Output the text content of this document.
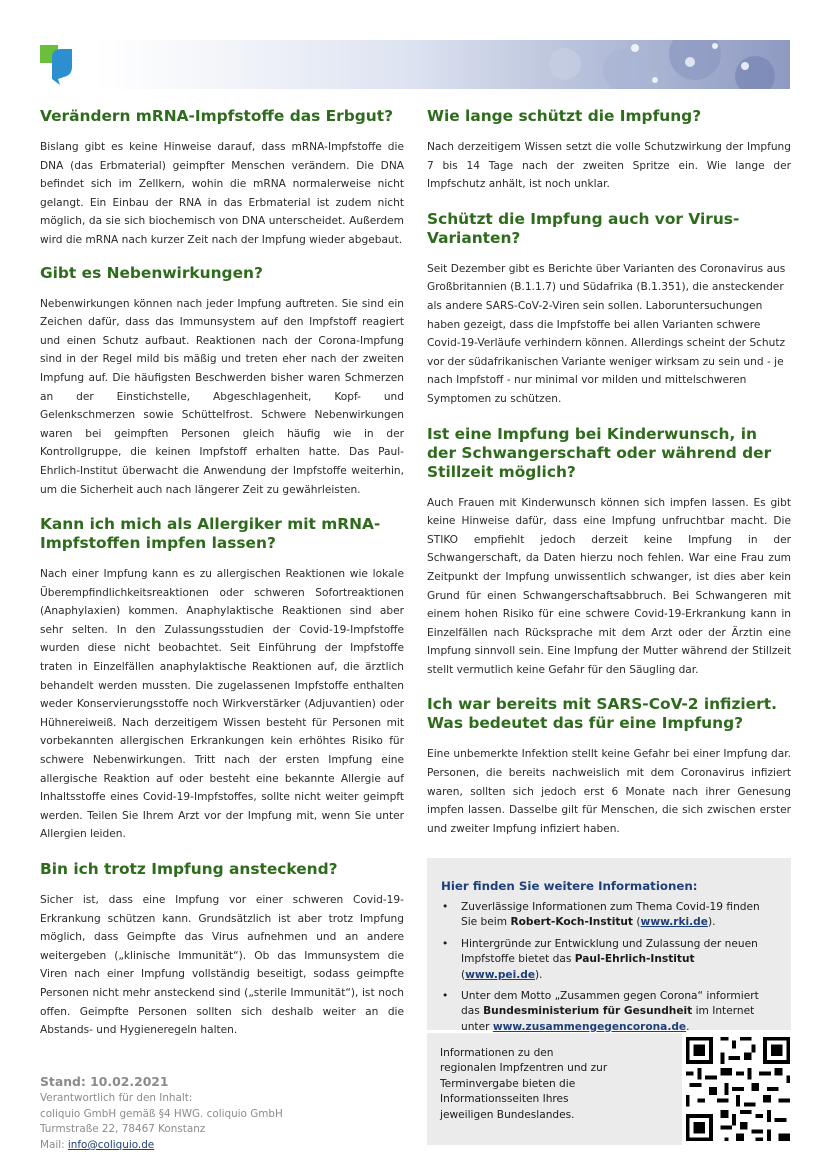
Verändern mRNA-Impfstoffe das Erbgut?

Bislang gibt es keine Hinweise darauf, dass mRNA-Impfstoffe die DNA (das Erbmaterial) geimpfter Menschen verändern. Die DNA befindet sich im Zellkern, wohin die mRNA normalerweise nicht gelangt. Ein Einbau der RNA in das Erbmaterial ist zudem nicht möglich, da sie sich biochemisch von DNA unterscheidet. Außerdem wird die mRNA nach kurzer Zeit nach der Impfung wieder abgebaut.

Gibt es Nebenwirkungen?

Nebenwirkungen können nach jeder Impfung auftreten. Sie sind ein Zeichen dafür, dass das Immunsystem auf den Impfstoff reagiert und einen Schutz aufbaut. Reaktionen nach der Corona-Impfung sind in der Regel mild bis mäßig und treten eher nach der zweiten Impfung auf. Die häufigsten Beschwerden bisher waren Schmerzen an der Einstichstelle, Abgeschlagenheit, Kopf- und Gelenkschmerzen sowie Schüttelfrost. Schwere Nebenwirkungen waren bei geimpften Personen gleich häufig wie in der Kontrollgruppe, die keinen Impfstoff erhalten hatte. Das Paul-Ehrlich-Institut überwacht die Anwendung der Impfstoffe weiterhin, um die Sicherheit auch nach längerer Zeit zu gewährleisten.

Kann ich mich als Allergiker mit mRNA-Impfstoffen impfen lassen?

Nach einer Impfung kann es zu allergischen Reaktionen wie lokale Überempfindlichkeitsreaktionen oder schweren Sofortreaktionen (Anaphylaxien) kommen. Anaphylaktische Reaktionen sind aber sehr selten. In den Zulassungsstudien der Covid-19-Impfstoffe wurden diese nicht beobachtet. Seit Einführung der Impfstoffe traten in Einzelfällen anaphylaktische Reaktionen auf, die ärztlich behandelt werden mussten. Die zugelassenen Impfstoffe enthalten weder Konservierungsstoffe noch Wirkverstärker (Adjuvantien) oder Hühnereiweiß. Nach derzeitigem Wissen besteht für Personen mit vorbekannten allergischen Erkrankungen kein erhöhtes Risiko für schwere Nebenwirkungen. Tritt nach der ersten Impfung eine allergische Reaktion auf oder besteht eine bekannte Allergie auf Inhaltsstoffe eines Covid-19-Impfstoffes, sollte nicht weiter geimpft werden. Teilen Sie Ihrem Arzt vor der Impfung mit, wenn Sie unter Allergien leiden.

Bin ich trotz Impfung ansteckend?

Sicher ist, dass eine Impfung vor einer schweren Covid-19-Erkrankung schützen kann. Grundsätzlich ist aber trotz Impfung möglich, dass Geimpfte das Virus aufnehmen und an andere weitergeben („klinische Immunität“). Ob das Immunsystem die Viren nach einer Impfung vollständig beseitigt, sodass geimpfte Personen nicht mehr ansteckend sind („sterile Immunität“), ist noch offen. Geimpfte Personen sollten sich deshalb weiter an die Abstands- und Hygieneregeln halten.

Wie lange schützt die Impfung?

Nach derzeitigem Wissen setzt die volle Schutzwirkung der Impfung 7 bis 14 Tage nach der zweiten Spritze ein. Wie lange der Impfschutz anhält, ist noch unklar.

Schützt die Impfung auch vor Virus-Varianten?

Seit Dezember gibt es Berichte über Varianten des Coronavirus aus Großbritannien (B.1.1.7) und Südafrika (B.1.351), die ansteckender als andere SARS-CoV-2-Viren sein sollen. Laboruntersuchungen haben gezeigt, dass die Impfstoffe bei allen Varianten schwere Covid-19-Verläufe verhindern können. Allerdings scheint der Schutz vor der südafrikanischen Variante weniger wirksam zu sein und - je nach Impfstoff - nur minimal vor milden und mittelschweren Symptomen zu schützen.

Ist eine Impfung bei Kinderwunsch, in der Schwangerschaft oder während der Stillzeit möglich?

Auch Frauen mit Kinderwunsch können sich impfen lassen. Es gibt keine Hinweise dafür, dass eine Impfung unfruchtbar macht. Die STIKO empfiehlt jedoch derzeit keine Impfung in der Schwangerschaft, da Daten hierzu noch fehlen. War eine Frau zum Zeitpunkt der Impfung unwissentlich schwanger, ist dies aber kein Grund für einen Schwangerschaftsabbruch. Bei Schwangeren mit einem hohen Risiko für eine schwere Covid-19-Erkrankung kann in Einzelfällen nach Rücksprache mit dem Arzt oder der Ärztin eine Impfung sinnvoll sein. Eine Impfung der Mutter während der Stillzeit stellt vermutlich keine Gefahr für den Säugling dar.

Ich war bereits mit SARS-CoV-2 infiziert. Was bedeutet das für eine Impfung?

Eine unbemerkte Infektion stellt keine Gefahr bei einer Impfung dar. Personen, die bereits nachweislich mit dem Coronavirus infiziert waren, sollten sich jedoch erst 6 Monate nach ihrer Genesung impfen lassen. Dasselbe gilt für Menschen, die sich zwischen erster und zweiter Impfung infiziert haben.

Hier finden Sie weitere Informationen:
• Zuverlässige Informationen zum Thema Covid-19 finden Sie beim Robert-Koch-Institut (www.rki.de).
• Hintergründe zur Entwicklung und Zulassung der neuen Impfstoffe bietet das Paul-Ehrlich-Institut (www.pei.de).
• Unter dem Motto „Zusammen gegen Corona“ informiert das Bundesministerium für Gesundheit im Internet unter www.zusammengegencorona.de.
Informationen zu den regionalen Impfzentren und zur Terminvergabe bieten die Informationsseiten Ihres jeweiligen Bundeslandes.
Stand: 10.02.2021
Verantwortlich für den Inhalt:
coliquio GmbH gemäß §4 HWG. coliquio GmbH
Turmstraße 22, 78467 Konstanz
Mail: info@coliquio.de
